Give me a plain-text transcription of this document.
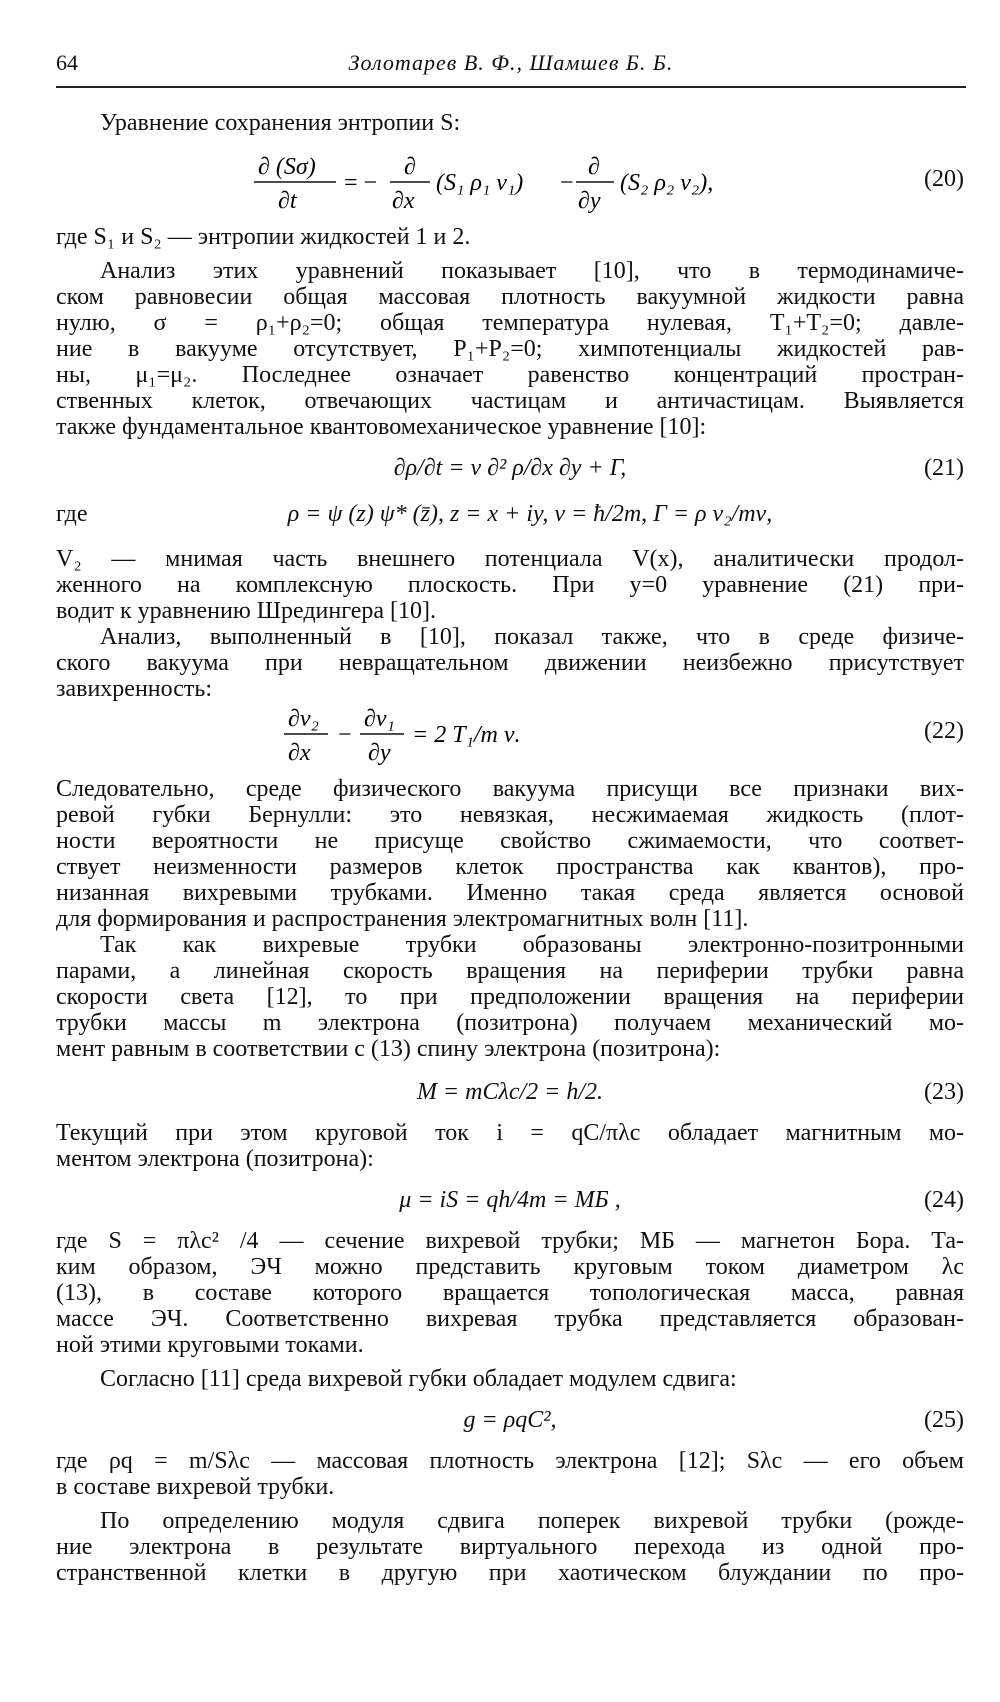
64	Золотарев В. Ф., Шамшев Б. Б.
Уравнение сохранения энтропии S:
∂ (Sσ)
∂t
= −
∂
∂x
(S₁ ρ₁ v₁) −
∂
∂y
(S₂ ρ₂ v₂),	(20)
где S₁ и S₂ — энтропии жидкостей 1 и 2.
Анализ этих уравнений показывает [10], что в термодинамиче-
ском равновесии общая массовая плотность вакуумной жидкости равна
нулю, σ = ρ₁+ρ₂=0; общая температура нулевая, T₁+T₂=0; давле-
ние в вакууме отсутствует, P₁+P₂=0; химпотенциалы жидкостей рав-
ны, μ₁=μ₂. Последнее означает равенство концентраций простран-
ственных клеток, отвечающих частицам и античастицам. Выявляется
также фундаментальное квантовомеханическое уравнение [10]:
∂ρ/∂t = ν ∂² ρ/∂x ∂y + Γ,	(21)
где	ρ = ψ (z) ψ* (z̄), z = x + iy, ν = ħ/2m, Γ = ρ v₂/mν,
V₂ — мнимая часть внешнего потенциала V(x), аналитически продол-
женного на комплексную плоскость. При y=0 уравнение (21) при-
водит к уравнению Шредингера [10].
Анализ, выполненный в [10], показал также, что в среде физиче-
ского вакуума при невращательном движении неизбежно присутствует
завихренность:
∂v₂
∂x
−
∂v₁
∂y
= 2 T₁/m ν.	(22)
Следовательно, среде физического вакуума присущи все признаки вих-
ревой губки Бернулли: это невязкая, несжимаемая жидкость (плот-
ности вероятности не присуще свойство сжимаемости, что соответ-
ствует неизменности размеров клеток пространства как квантов), про-
низанная вихревыми трубками. Именно такая среда является основой
для формирования и распространения электромагнитных волн [11].
Так как вихревые трубки образованы электронно-позитронными
парами, а линейная скорость вращения на периферии трубки равна
скорости света [12], то при предположении вращения на периферии
трубки массы m электрона (позитрона) получаем механический мо-
мент равным в соответствии с (13) спину электрона (позитрона):
M = mCλc/2 = h/2.	(23)
Текущий при этом круговой ток i = qC/πλc обладает магнитным мо-
ментом электрона (позитрона):
μ = iS = qh/4m = MБ ,	(24)
где S = πλc² /4 — сечение вихревой трубки; MБ — магнетон Бора. Та-
ким образом, ЭЧ можно представить круговым током диаметром λc
(13), в составе которого вращается топологическая масса, равная
массе ЭЧ. Соответственно вихревая трубка представляется образован-
ной этими круговыми токами.
Согласно [11] среда вихревой губки обладает модулем сдвига:
g = ρqC²,	(25)
где ρq = m/Sλc — массовая плотность электрона [12]; Sλc — его объем
в составе вихревой трубки.
По определению модуля сдвига поперек вихревой трубки (рожде-
ние электрона в результате виртуального перехода из одной про-
странственной клетки в другую при хаотическом блуждании по про-
